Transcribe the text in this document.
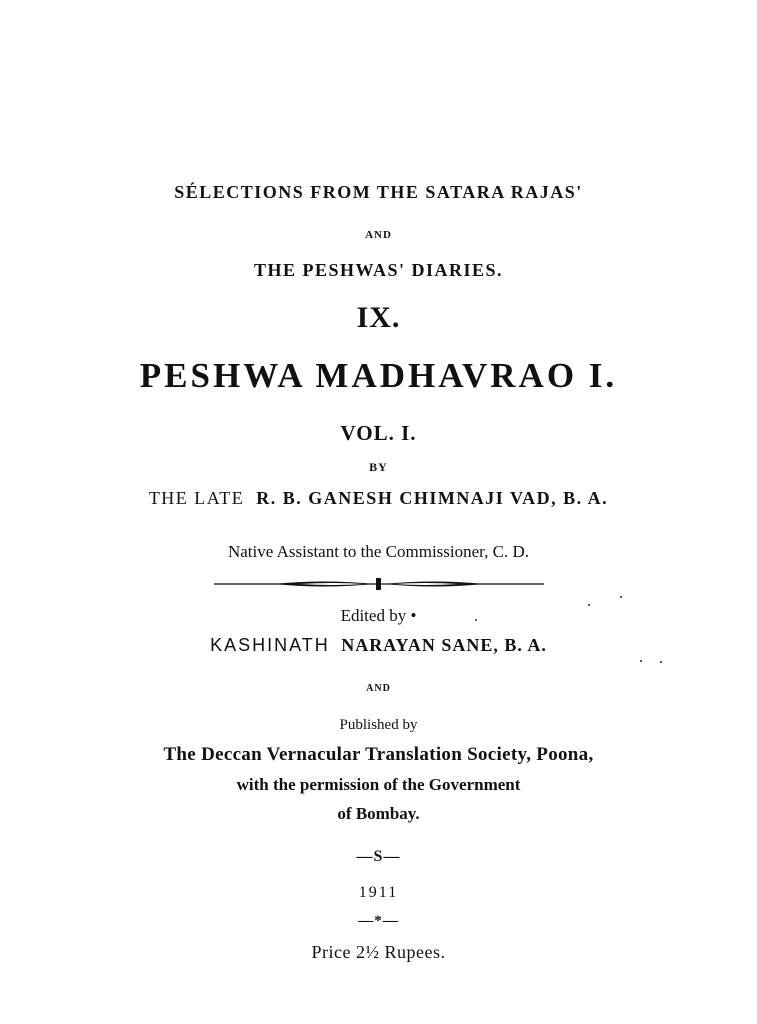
SÉLECTIONS FROM THE SATARA RAJAS'
AND
THE PESHWAS' DIARIES.
IX.
PESHWA MADHAVRAO I.
VOL. I.
BY
THE LATE R. B. GANESH CHIMNAJI VAD, B. A.
Native Assistant to the Commissioner, C. D.
Edited by •
KASHINATH NARAYAN SANE, B. A.
AND
Published by
The Deccan Vernacular Translation Society, Poona,
with the permission of the Government
of Bombay.
—S—
1911
—*—
Price 2½ Rupees.
